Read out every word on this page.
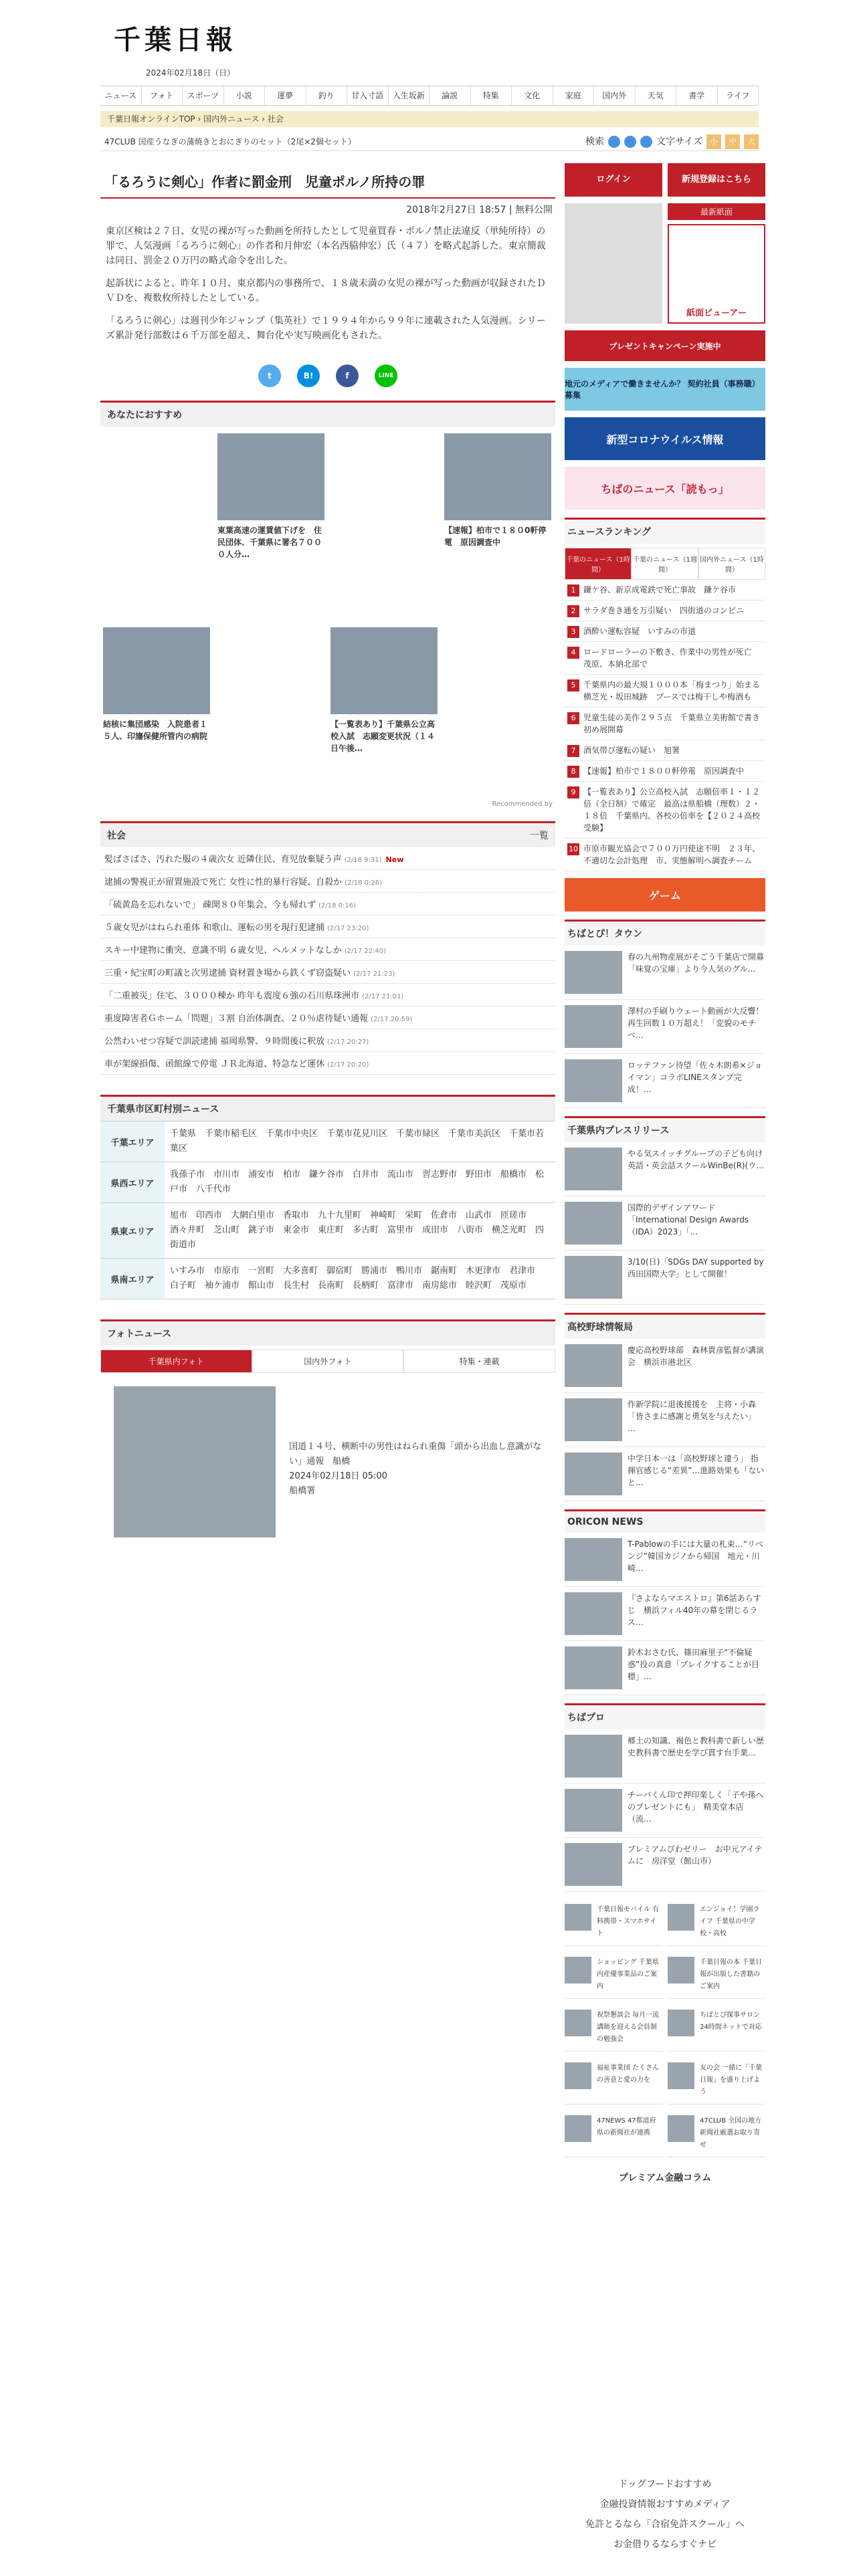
千葉日報
2024年02月18日（日）
ニュース	フォト	スポーツ	小説	運夢	釣り	甘入寸語	入生坂新	論説	特集	文化	家庭	国内外	天気	書学	ライフ
千葉日報オンラインTOP › 国内外ニュース › 社会
47CLUB 国産うなぎの蒲焼きとおにぎりのセット（2尾×2個セット）	検索	文字サイズ	小	中	大
「るろうに剣心」作者に罰金刑　児童ポルノ所持の罪
2018年2月27日 18:57 | 無料公開

東京区検は２７日、女児の裸が写った動画を所持したとして児童買春・ポルノ禁止法違反（単純所持）の罪で、人気漫画「るろうに剣心」の作者和月伸宏（本名西脇伸宏）氏（４７）を略式起訴した。東京簡裁は同日、罰金２０万円の略式命令を出した。

起訴状によると、昨年１０月、東京都内の事務所で、１８歳未満の女児の裸が写った動画が収録されたＤＶＤを、複数枚所持したとしている。

「るろうに剣心」は週刊少年ジャンプ（集英社）で１９９４年から９９年に連載された人気漫画。シリーズ累計発行部数は６千万部を超え、舞台化や実写映画化もされた。

t	B!	f	LINE
あなたにおすすめ
東葉高速の運賃値下げを　住民団体、千葉県に署名７０００人分…
【速報】柏市で１８０0軒停電　原因調査中
結核に集団感染　入院患者１５人、印旛保健所管内の病院
【一覧表あり】千葉県公立高校入試　志願変更状況（１４日午後…
Recommended by
社会	一覧
髪ばさばさ、汚れた服の４歳次女 近隣住民、育児放棄疑う声 (2/18 9:31) New
逮捕の警視正が留置施設で死亡 女性に性的暴行容疑、自殺か (2/18 0:26)
「硫黄島を忘れないで」 疎開８０年集会、今も帰れず (2/18 0:16)
５歳女児がはねられ重体 和歌山、運転の男を現行犯逮捕 (2/17 23:20)
スキー中建物に衝突、意識不明 ６歳女児、ヘルメットなしか (2/17 22:40)
三重・紀宝町の町議と次男逮捕 資材置き場から鉄くず窃盗疑い (2/17 21:23)
「二重被災」住宅、３０００棟か 昨年も震度６強の石川県珠洲市 (2/17 21:01)
重度障害者Ｇホーム「問題」３割 自治体調査、２０％虐待疑い通報 (2/17 20:59)
公然わいせつ容疑で訓読逮捕 福岡県警、９時間後に釈放 (2/17 20:27)
車が架線損傷、函館線で停電 ＪＲ北海道、特急など運休 (2/17 20:20)
千葉県市区町村別ニュース
千葉エリア
千葉県　千葉市稲毛区　千葉市中央区　千葉市花見川区　千葉市緑区　千葉市美浜区　千葉市若葉区
県西エリア
我孫子市　市川市　浦安市　柏市　鎌ケ谷市　白井市　流山市　習志野市　野田市　船橋市　松戸市　八千代市
県東エリア
旭市　印西市　大網白里市　香取市　九十九里町　神崎町　栄町　佐倉市　山武市　匝瑳市　酒々井町　芝山町　銚子市　東金市　東庄町　多古町　富里市　成田市　八街市　横芝光町　四街道市
県南エリア
いすみ市　市原市　一宮町　大多喜町　御宿町　勝浦市　鴨川市　鋸南町　木更津市　君津市　白子町　袖ケ浦市　館山市　長生村　長南町　長柄町　富津市　南房総市　睦沢町　茂原市
フォトニュース
千葉県内フォト	国内外フォト	特集・連載
国道１４号、横断中の男性はねられ重傷「頭から出血し意識がない」通報　船橋
2024年02月18日 05:00
船橋署
ログイン	新規登録はこちら
最新紙面
紙面ビューアー
プレゼントキャンペーン実施中
地元のメディアで働きませんか？ 契約社員（事務職）募集
新型コロナウイルス情報
ちばのニュース「読もっ」
ニュースランキング
千葉のニュース（1時間）
千葉のニュース（1週間）
国内外ニュース（1時間）
1 鎌ケ谷、新京成電鉄で死亡事故　鎌ケ谷市
2 サラダ巻き通を万引疑い　四街道のコンビニ
3 酒酔い運転容疑　いすみの市道
4 ロードローラーの下敷き、作業中の男性が死亡　茂原、本納北部で
5 千葉県内の最大規１０００本「梅まつり」始まる　横芝光・坂田城跡　ブースでは梅干しや梅酒も
6 児童生徒の美作２９５点　千葉県立美術館で書き初め展開幕
7 酒気帯び運転の疑い　旭署
8 【速報】柏市で１８００軒停電　原因調査中
9 【一覧表あり】公立高校入試　志願倍率１・１２倍（全日制）で確定　最高は県船橋（理数）２・１８倍　千葉県内、各校の倍率を【２０２４高校受験】
10 市原市観光協会で７００万円使途不明　２３年、不適切な会計処理　市、実態解明へ調査チーム
ゲーム
ちばとぴ！タウン
春の九州物産展がそごう千葉店で開幕「味覚の宝庫」より今人気のグル…
澤村の手刷りウェート動画が大反響！再生回数１０万超え！「変貌のモチベ…
ロッテファン待望「佐々木朗希×ジョイマン」コラボLINEスタンプ完成！…
千葉県内プレスリリース
やる気スイッチグループの子ども向け英語・英会話スクールWinBe(R)(ウ…
国際的デザインアワード「International Design Awards（IDA）2023」「…
3/10(日)「SDGs DAY supported by 西田国際大学」として開催！
高校野球情報局
慶応高校野球部　森林貴彦監督が講演会　横浜市港北区
作新学院に退後援援を　主将・小森「皆さまに感謝と勇気を与えたい」 …
中学日本一は「高校野球と違う」 指揮官感じる“差異”…進路効果も「ないと…
ORICON NEWS
T-Pablowの手には大量の札束…“リベンジ”韓国カジノから帰国　地元・川崎…
『さよならマエストロ』第6話あらすじ　横浜フィル40年の幕を閉じるラス…
鈴木おさむ氏、篠田麻里子“不倫疑惑”役の真意「ブレイクすることが目標」…
ちばプロ
郷土の知識、褐色と教科書で新しい歴史教科書で歴史を学び貫す台手業…
チーバくん印で押印楽しく「子や孫へのプレゼントにも」　精美堂本店（流…
プレミアムびわゼリー　お中元アイテムに　房洋堂（館山市）
千葉日報モバイル 有料携帯・スマホサイト
エンジョイ！学園ライフ 千葉県の中学校・高校
ショッピング 千葉県内産優事業品のご案内
千葉日報の本 千葉日報が出版した書籍のご案内
祝祭懇談会 毎月一流講師を迎える会員制の勉強会
ちばとぴ探事サロン 24時間ネットで対応
福祉事業団 たくさんの善意と愛の力を
友の会 一緒に「千葉日報」を盛り上げよう
47NEWS 47都道府県の新聞社が連携
47CLUB 全国の地方新聞社厳選お取り寄せ
プレミアム金融コラム
ドッグフードおすすめ
金融投資情報おすすめメディア
免許とるなら「合宿免許スクール」へ
お金借りるならすぐナビ
